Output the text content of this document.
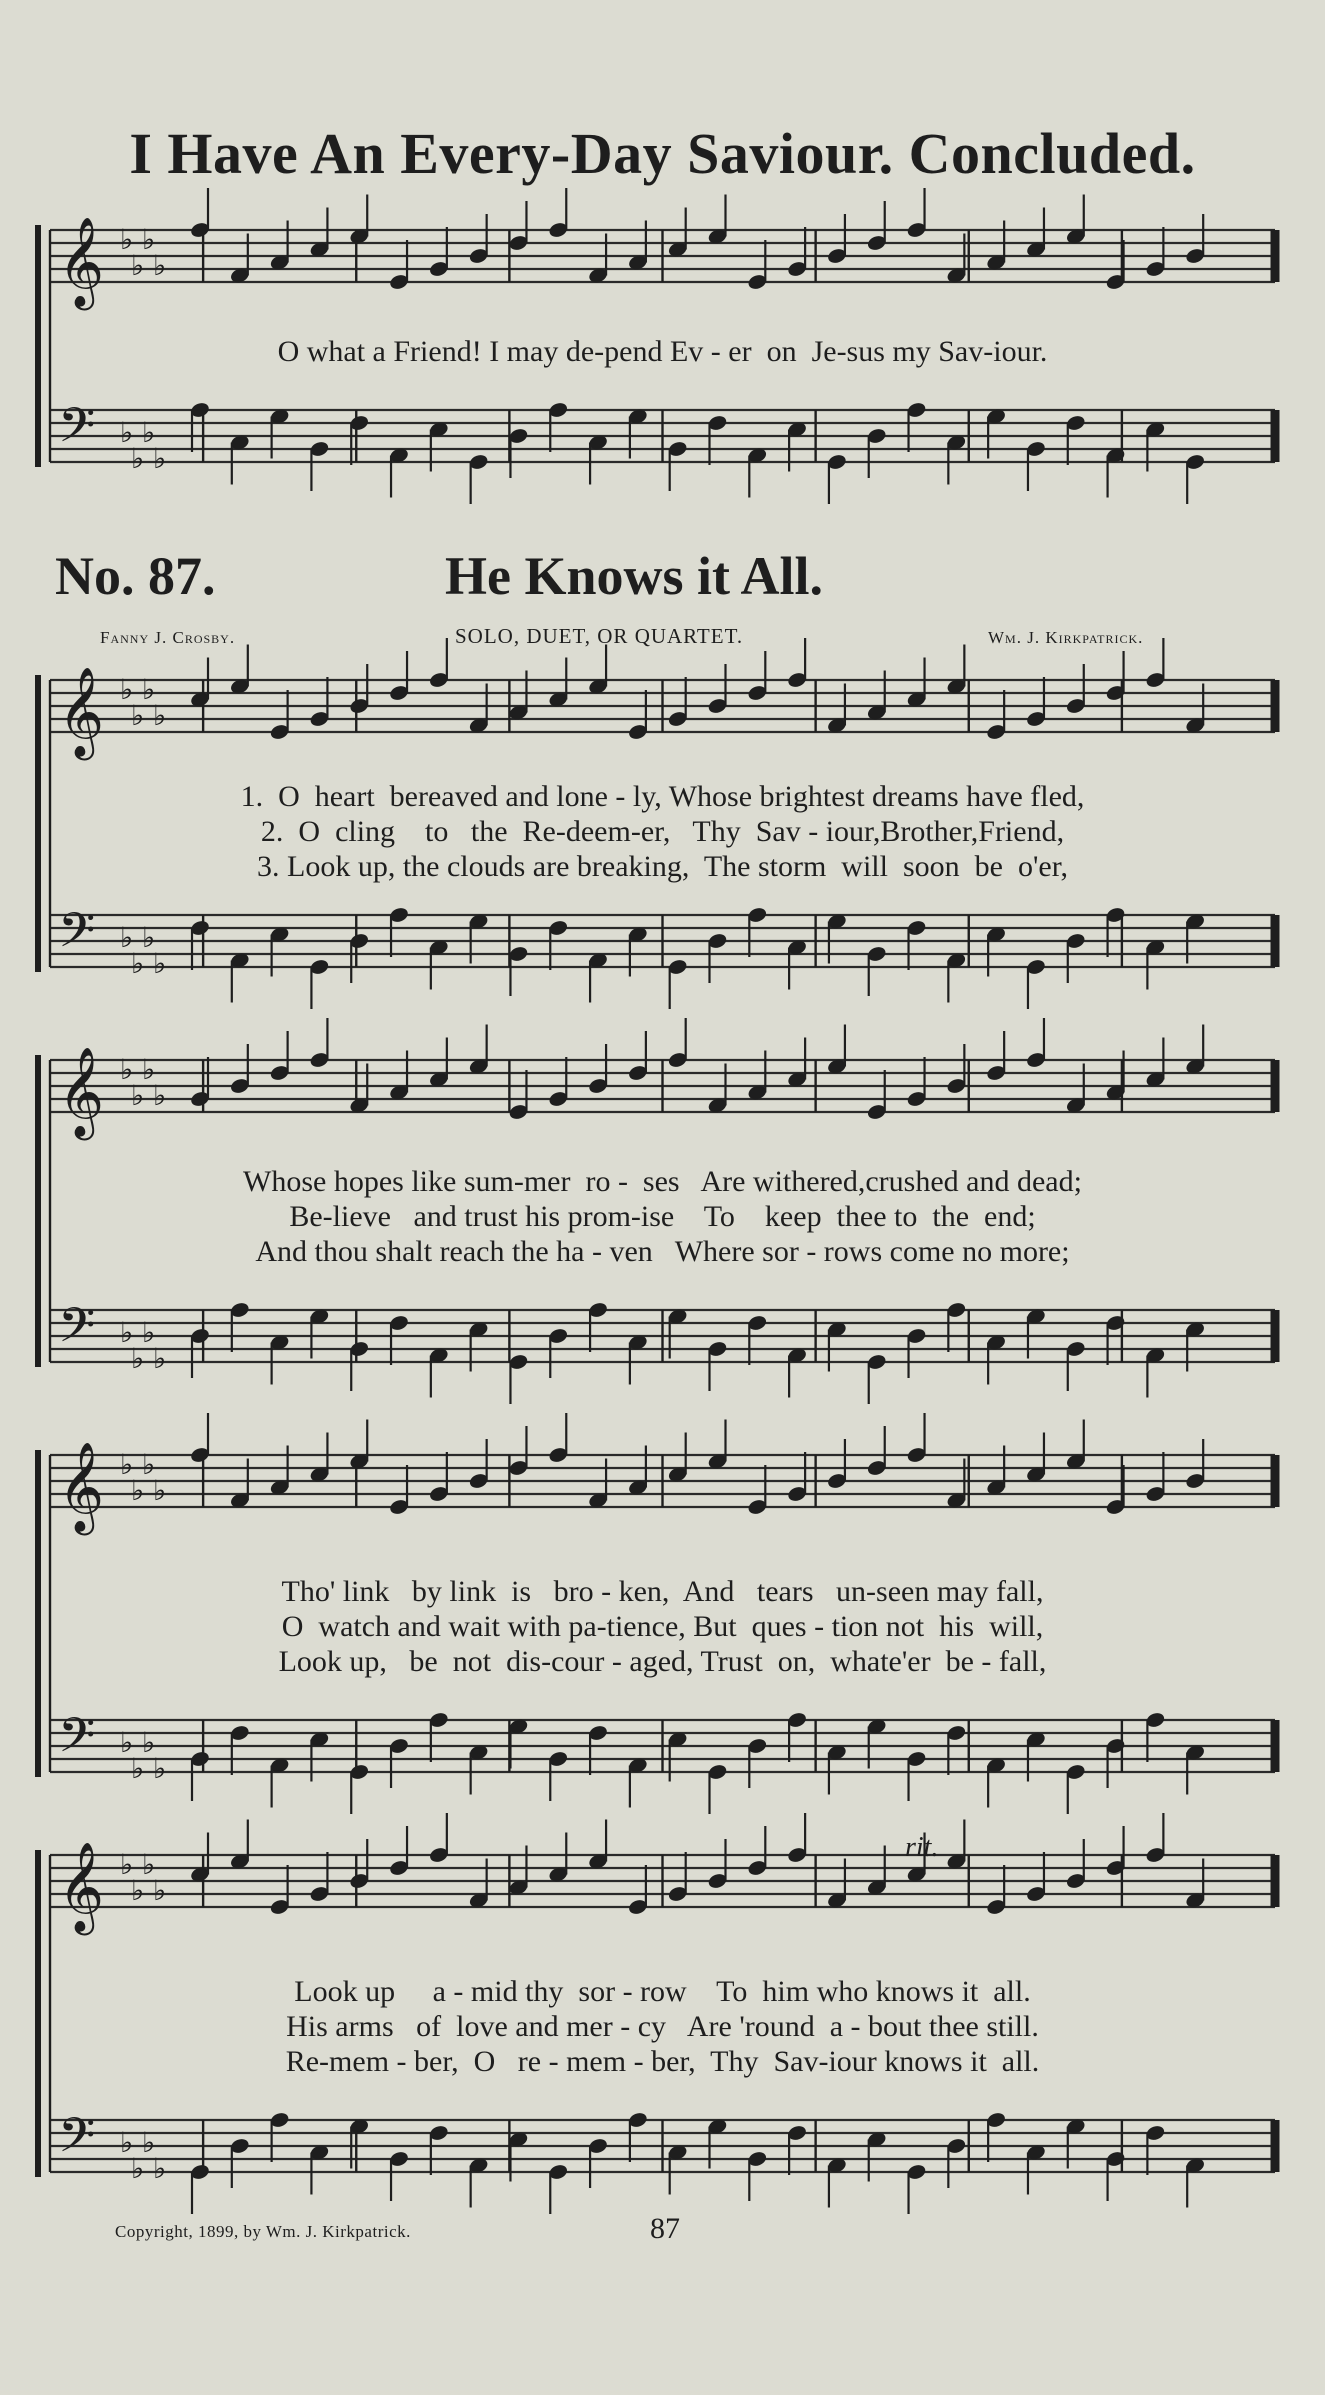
𝄞
𝄢
♭
♭
♭
♭
♭
♭
♭
♭
𝄞
𝄢
♭
♭
♭
♭
♭
♭
♭
♭
𝄞
𝄢
♭
♭
♭
♭
♭
♭
♭
♭
𝄞
𝄢
♭
♭
♭
♭
♭
♭
♭
♭
𝄞
𝄢
♭
♭
♭
♭
♭
♭
♭
♭
I Have An Every-Day Saviour. Concluded.
O what a Friend! I may de-pend Ev - er  on  Je-sus my Sav-iour.
No. 87.	He Knows it All.
Fanny J. Crosby.	SOLO, DUET, OR QUARTET.	Wm. J. Kirkpatrick.
1.  O  heart  bereaved and lone - ly, Whose brightest dreams have fled,
2.  O  cling    to   the  Re-deem-er,   Thy  Sav - iour,Brother,Friend,
3. Look up, the clouds are breaking,  The storm  will  soon  be  o'er,
Whose hopes like sum-mer  ro -  ses   Are withered,crushed and dead;
Be-lieve   and trust his prom-ise    To    keep  thee to  the  end;
And thou shalt reach the ha - ven   Where sor - rows come no more;
Tho' link   by link  is   bro - ken,  And   tears   un-seen may fall,
O  watch and wait with pa-tience, But  ques - tion not  his  will,
Look up,   be  not  dis-cour - aged, Trust  on,  whate'er  be - fall,
rit.
Look up     a - mid thy  sor - row    To  him who knows it  all.
His arms   of  love and mer - cy   Are 'round  a - bout thee still.
Re-mem - ber,  O   re - mem - ber,  Thy  Sav-iour knows it  all.
Copyright, 1899, by Wm. J. Kirkpatrick.	87
